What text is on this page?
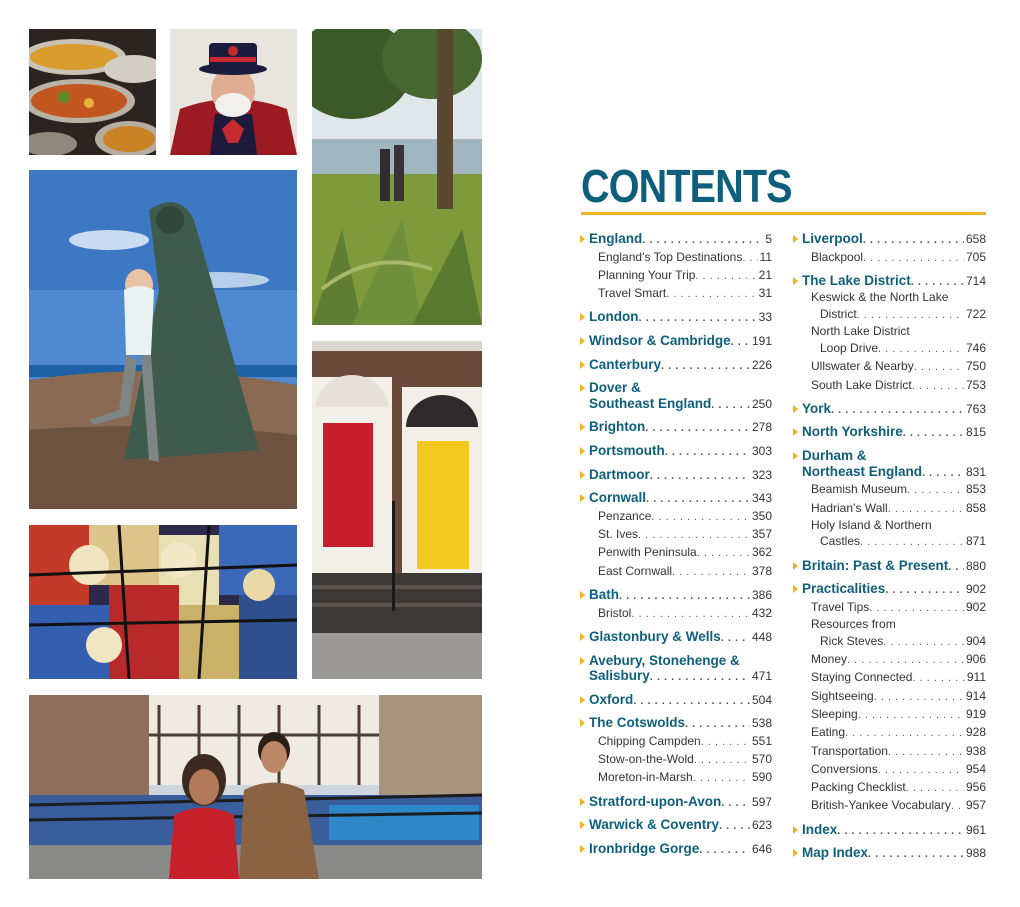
CONTENTS
England . . .	5
England’s Top Destinations . . . 11
Planning Your Trip . . .	21
Travel Smart . . .	31
London . . .	33
Windsor & Cambridge . . . 191
Canterbury . . .	226
Dover &
Southeast England . . .	250
Brighton . . .	278
Portsmouth . . .	303
Dartmoor . . .	323
Cornwall . . .	343
Penzance . . .	350
St. Ives . . .	357
Penwith Peninsula . . .	362
East Cornwall . . .	378
Bath . . .	386
Bristol . . .	432
Glastonbury & Wells . . .	448
Avebury, Stonehenge &
Salisbury . . .	471
Oxford . . .	504
The Cotswolds . . .	538
Chipping Campden . . .	551
Stow-on-the-Wold . . .	570
Moreton-in-Marsh . . .	590
Stratford-upon-Avon . . .	597
Warwick & Coventry . . .	623
Ironbridge Gorge . . .	646
Liverpool . . .	658
Blackpool . . .	705
The Lake District . . .	714
Keswick & the North Lake
District . . .	722
North Lake District
Loop Drive . . .	746
Ullswater & Nearby . . .	750
South Lake District . . .	753
York . . .	763
North Yorkshire . . .	815
Durham &
Northeast England . . .	831
Beamish Museum . . .	853
Hadrian’s Wall . . .	858
Holy Island & Northern
Castles . . .	871
Britain: Past & Present . . . 880
Practicalities . . .	902
Travel Tips . . .	902
Resources from
Rick Steves . . .	904
Money . . .	906
Staying Connected . . .	911
Sightseeing . . .	914
Sleeping . . .	919
Eating . . .	928
Transportation . . .	938
Conversions . . .	954
Packing Checklist . . .	956
British-Yankee Vocabulary . . . 957
Index . . .	961
Map Index . . .	988
